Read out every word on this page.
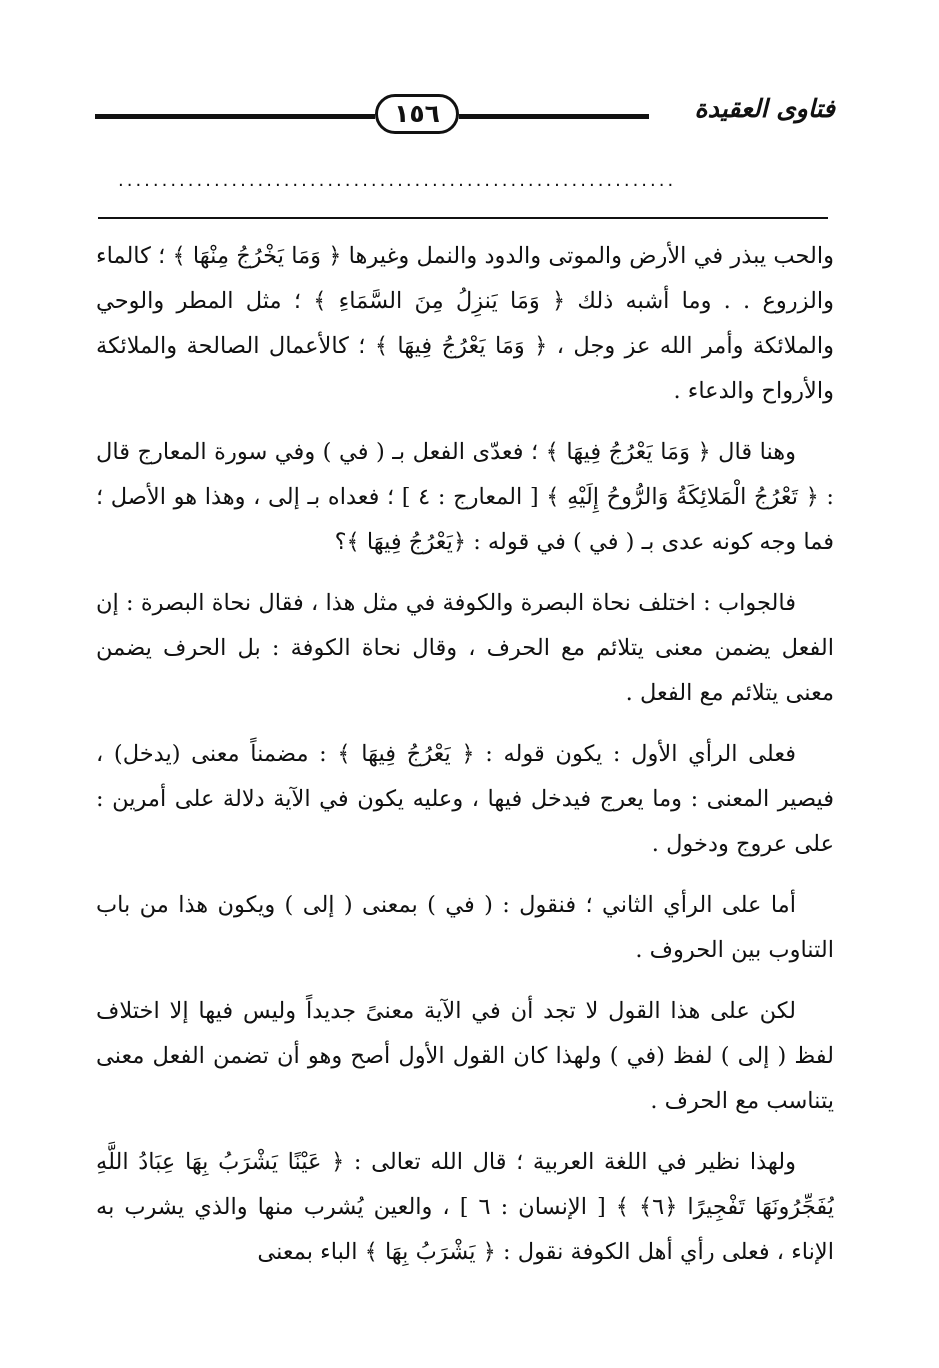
فتاوى العقيدة
١٥٦
................................................................

والحب يبذر في الأرض والموتى والدود والنمل وغيرها ﴿ وَمَا يَخْرُجُ مِنْهَا ﴾ ؛ كالماء والزروع . . وما أشبه ذلك ﴿ وَمَا يَنزِلُ مِنَ السَّمَاءِ ﴾ ؛ مثل المطر والوحي والملائكة وأمر الله عز وجل ، ﴿ وَمَا يَعْرُجُ فِيهَا ﴾ ؛ كالأعمال الصالحة والملائكة والأرواح والدعاء .

وهنا قال ﴿ وَمَا يَعْرُجُ فِيهَا ﴾ ؛ فعدّى الفعل بـ ( في ) وفي سورة المعارج قال : ﴿ تَعْرُجُ الْمَلائِكَةُ وَالرُّوحُ إِلَيْهِ ﴾ [ المعارج : ٤ ] ؛ فعداه بـ إلى ، وهذا هو الأصل ؛ فما وجه كونه عدى بـ ( في ) في قوله : ﴿يَعْرُجُ فِيهَا ﴾؟

فالجواب : اختلف نحاة البصرة والكوفة في مثل هذا ، فقال نحاة البصرة : إن الفعل يضمن معنى يتلائم مع الحرف ، وقال نحاة الكوفة : بل الحرف يضمن معنى يتلائم مع الفعل .

فعلى الرأي الأول : يكون قوله : ﴿ يَعْرُجُ فِيهَا ﴾ : مضمناً معنى (يدخل) ، فيصير المعنى : وما يعرج فيدخل فيها ، وعليه يكون في الآية دلالة على أمرين : على عروج ودخول .

أما على الرأي الثاني ؛ فنقول : ( في ) بمعنى ( إلى ) ويكون هذا من باب التناوب بين الحروف .

لكن على هذا القول لا تجد أن في الآية معنىً جديداً وليس فيها إلا اختلاف لفظ ( إلى ) لفظ (في ) ولهذا كان القول الأول أصح وهو أن تضمن الفعل معنى يتناسب مع الحرف .

ولهذا نظير في اللغة العربية ؛ قال الله تعالى : ﴿ عَيْنًا يَشْرَبُ بِهَا عِبَادُ اللَّهِ يُفَجِّرُونَهَا تَفْجِيرًا ﴿٦﴾ ﴾ [ الإنسان : ٦ ] ، والعين يُشرب منها والذي يشرب به الإناء ، فعلى رأي أهل الكوفة نقول : ﴿ يَشْرَبُ بِهَا ﴾ الباء بمعنى
